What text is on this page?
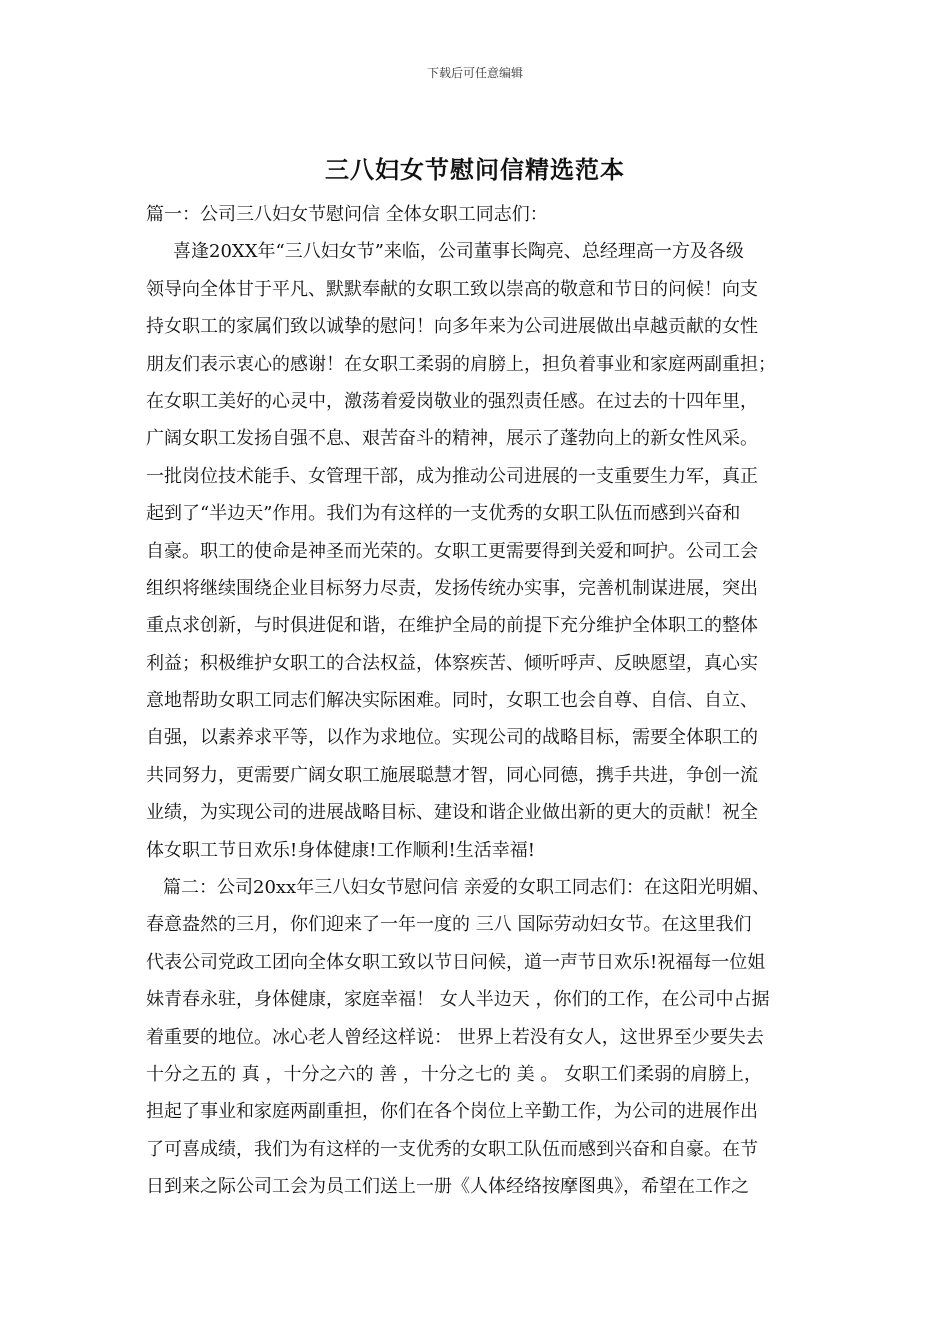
下载后可任意编辑
三八妇女节慰问信精选范本
篇一：公司三八妇女节慰问信 全体女职工同志们：
喜逢20XX年“三八妇女节”来临，公司董事长陶亮、总经理高一方及各级
领导向全体甘于平凡、默默奉献的女职工致以崇高的敬意和节日的问候！向支
持女职工的家属们致以诚挚的慰问！向多年来为公司进展做出卓越贡献的女性
朋友们表示衷心的感谢！在女职工柔弱的肩膀上，担负着事业和家庭两副重担；
在女职工美好的心灵中，激荡着爱岗敬业的强烈责任感。在过去的十四年里，
广阔女职工发扬自强不息、艰苦奋斗的精神，展示了蓬勃向上的新女性风采。
一批岗位技术能手、女管理干部，成为推动公司进展的一支重要生力军，真正
起到了“半边天”作用。我们为有这样的一支优秀的女职工队伍而感到兴奋和
自豪。职工的使命是神圣而光荣的。女职工更需要得到关爱和呵护。公司工会
组织将继续围绕企业目标努力尽责，发扬传统办实事，完善机制谋进展，突出
重点求创新，与时俱进促和谐，在维护全局的前提下充分维护全体职工的整体
利益；积极维护女职工的合法权益，体察疾苦、倾听呼声、反映愿望，真心实
意地帮助女职工同志们解决实际困难。同时，女职工也会自尊、自信、自立、
自强，以素养求平等，以作为求地位。实现公司的战略目标，需要全体职工的
共同努力，更需要广阔女职工施展聪慧才智，同心同德，携手共进，争创一流
业绩，为实现公司的进展战略目标、建设和谐企业做出新的更大的贡献！祝全
体女职工节日欢乐!身体健康!工作顺利!生活幸福!
篇二：公司20xx年三八妇女节慰问信 亲爱的女职工同志们：在这阳光明媚、
春意盎然的三月，你们迎来了一年一度的 三八 国际劳动妇女节。在这里我们
代表公司党政工团向全体女职工致以节日问候，道一声节日欢乐!祝福每一位姐
妹青春永驻，身体健康，家庭幸福！ 女人半边天 ，你们的工作，在公司中占据
着重要的地位。冰心老人曾经这样说： 世界上若没有女人，这世界至少要失去
十分之五的 真 ，十分之六的 善 ，十分之七的 美 。 女职工们柔弱的肩膀上，
担起了事业和家庭两副重担，你们在各个岗位上辛勤工作，为公司的进展作出
了可喜成绩，我们为有这样的一支优秀的女职工队伍而感到兴奋和自豪。在节
日到来之际公司工会为员工们送上一册《人体经络按摩图典》，希望在工作之
